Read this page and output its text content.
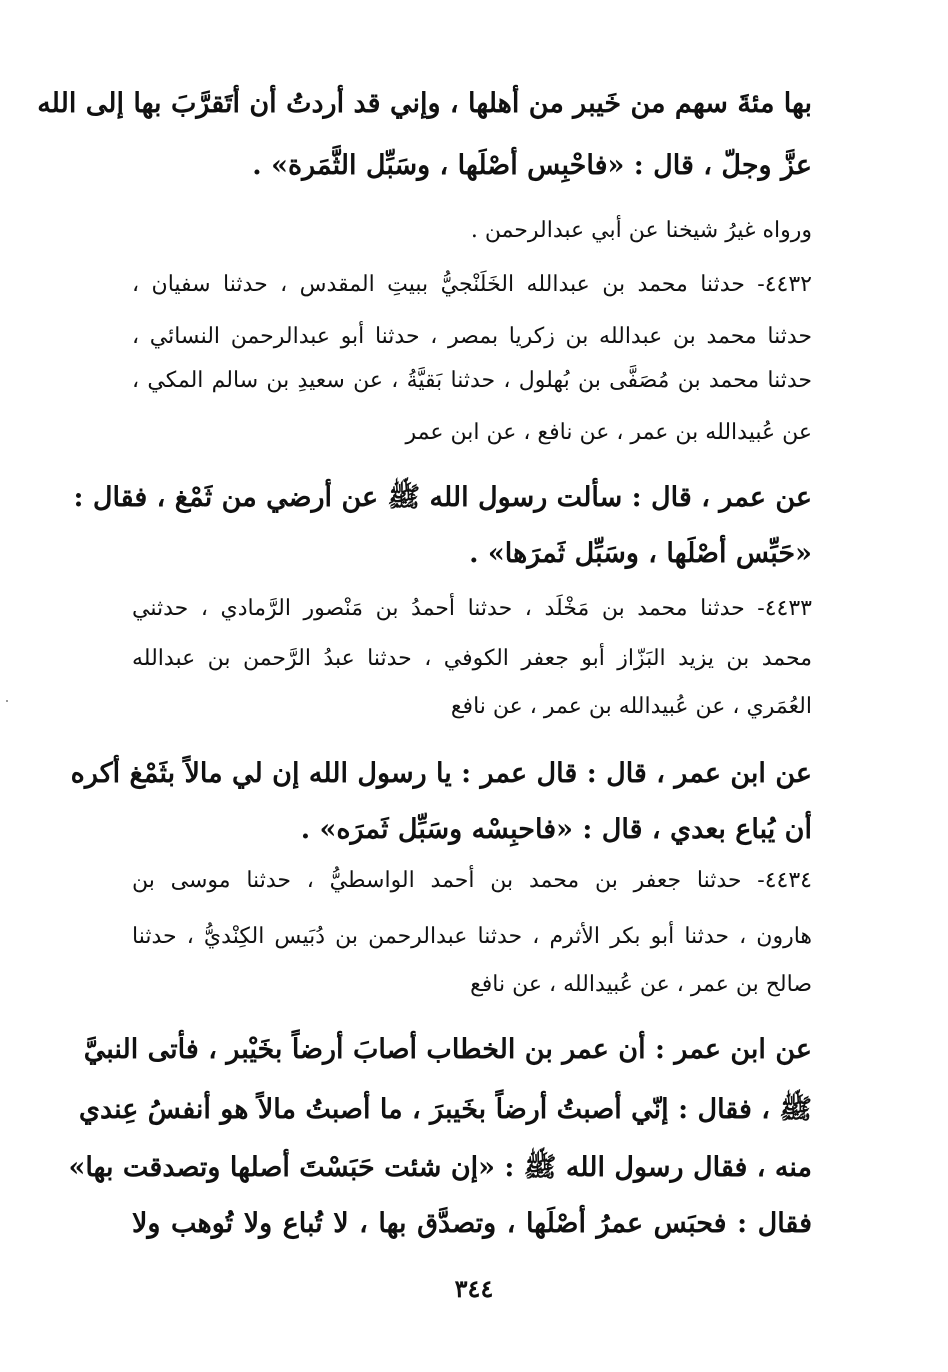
بها مئةَ سهم من خَيبر من أهلها ، وإني قد أردتُ أن أتَقرَّبَ بها إلى الله
عزَّ وجلّ ، قال : «فاحْبِس أصْلَها ، وسَبِّل الثَّمَرة» .
ورواه غيرُ شيخنا عن أبي عبدالرحمن .
٤٤٣٢- حدثنا محمد بن عبدالله الخَلَنْجيُّ ببيتِ المقدس ، حدثنا سفيان ،
حدثنا محمد بن عبدالله بن زكريا بمصر ، حدثنا أبو عبدالرحمن النسائي ،
حدثنا محمد بن مُصَفَّى بن بُهلول ، حدثنا بَقيَّةُ ، عن سعيدِ بن سالم المكي ،
عن عُبيدالله بن عمر ، عن نافع ، عن ابن عمر
عن عمر ، قال : سألت رسول الله ﷺ عن أرضي من ثَمْغ ، فقال :
«حَبِّس أصْلَها ، وسَبِّل ثَمرَها» .
٤٤٣٣- حدثنا محمد بن مَخْلَد ، حدثنا أحمدُ بن مَنْصور الرَّمادي ، حدثني
محمد بن يزيد البَزّاز أبو جعفر الكوفي ، حدثنا عبدُ الرَّحمن بن عبدالله
العُمَري ، عن عُبيدالله بن عمر ، عن نافع
عن ابن عمر ، قال : قال عمر : يا رسول الله إن لي مالاً بثَمْغ أكره
أن يُباع بعدي ، قال : «فاحبِسْه وسَبِّل ثَمرَه» .
٤٤٣٤- حدثنا جعفر بن محمد بن أحمد الواسطيُّ ، حدثنا موسى بن
هارون ، حدثنا أبو بكر الأثرم ، حدثنا عبدالرحمن بن دُبَيس الكِنْديُّ ، حدثنا
صالح بن عمر ، عن عُبيدالله ، عن نافع
عن ابن عمر : أن عمر بن الخطاب أصابَ أرضاً بخَيْبر ، فأتى النبيَّ
ﷺ ، فقال : إنّي أصبتُ أرضاً بخَيبرَ ، ما أصبتُ مالاً هو أنفسُ عِندي
منه ، فقال رسول الله ﷺ : «إن شئت حَبَسْتَ أصلها وتصدقت بها»
فقال : فحبَس عمرُ أصْلَها ، وتصدَّق بها ، لا تُباع ولا تُوهب ولا
٣٤٤
